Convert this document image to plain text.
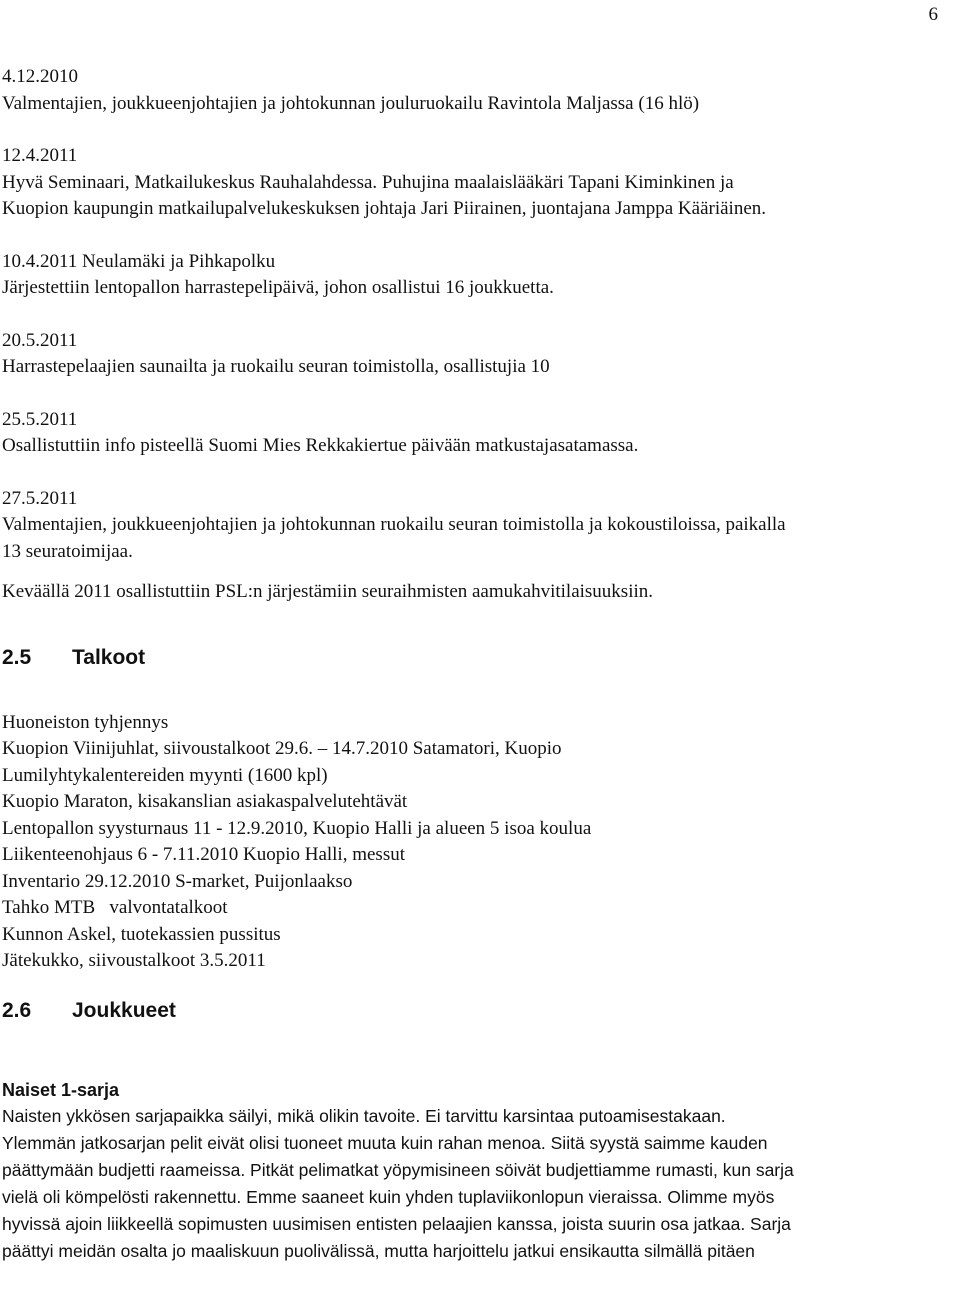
6

4.12.2010

Valmentajien, joukkueenjohtajien ja johtokunnan jouluruokailu Ravintola Maljassa (16 hlö)

12.4.2011

Hyvä Seminaari, Matkailukeskus Rauhalahdessa. Puhujina maalaislääkäri Tapani Kiminkinen ja

Kuopion kaupungin matkailupalvelukeskuksen johtaja Jari Piirainen, juontajana Jamppa Kääriäinen.

10.4.2011 Neulamäki ja Pihkapolku

Järjestettiin lentopallon harrastepelipäivä, johon osallistui 16 joukkuetta.

20.5.2011

Harrastepelaajien saunailta ja ruokailu seuran toimistolla, osallistujia 10

25.5.2011

Osallistuttiin info pisteellä Suomi Mies Rekkakiertue päivään matkustajasatamassa.

27.5.2011

Valmentajien, joukkueenjohtajien ja johtokunnan ruokailu seuran toimistolla ja kokoustiloissa, paikalla

13 seuratoimijaa.

Keväällä 2011 osallistuttiin PSL:n järjestämiin seuraihmisten aamukahvitilaisuuksiin.

2.5 Talkoot

Huoneiston tyhjennys

Kuopion Viinijuhlat, siivoustalkoot 29.6. – 14.7.2010 Satamatori, Kuopio

Lumilyhtykalentereiden myynti (1600 kpl)

Kuopio Maraton, kisakanslian asiakaspalvelutehtävät

Lentopallon syysturnaus 11 - 12.9.2010, Kuopio Halli ja alueen 5 isoa koulua

Liikenteenohjaus 6 - 7.11.2010 Kuopio Halli, messut

Inventario 29.12.2010 S-market, Puijonlaakso

Tahko MTB   valvontatalkoot

Kunnon Askel, tuotekassien pussitus

Jätekukko, siivoustalkoot 3.5.2011

2.6 Joukkueet
Naiset 1-sarja

Naisten ykkösen sarjapaikka säilyi, mikä olikin tavoite. Ei tarvittu karsintaa putoamisestakaan.

Ylemmän jatkosarjan pelit eivät olisi tuoneet muuta kuin rahan menoa. Siitä syystä saimme kauden

päättymään budjetti raameissa. Pitkät pelimatkat yöpymisineen söivät budjettiamme rumasti, kun sarja

vielä oli kömpelösti rakennettu. Emme saaneet kuin yhden tuplaviikonlopun vieraissa. Olimme myös

hyvissä ajoin liikkeellä sopimusten uusimisen entisten pelaajien kanssa, joista suurin osa jatkaa. Sarja

päättyi meidän osalta jo maaliskuun puolivälissä, mutta harjoittelu jatkui ensikautta silmällä pitäen
